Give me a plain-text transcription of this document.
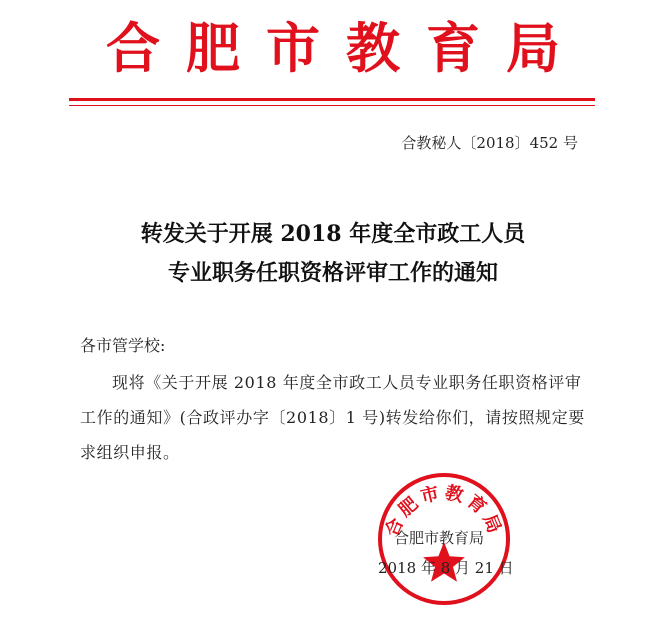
合肥市教育局
合教秘人〔2018〕452 号
转发关于开展 2018 年度全市政工人员
专业职务任职资格评审工作的通知
各市管学校:
现将《关于开展 2018 年度全市政工人员专业职务任职资格评审工作的通知》(合政评办字〔2018〕1 号)转发给你们，请按照规定要求组织申报。
合肥市教育局
合肥市教育局
2018 年 8 月 21 日
